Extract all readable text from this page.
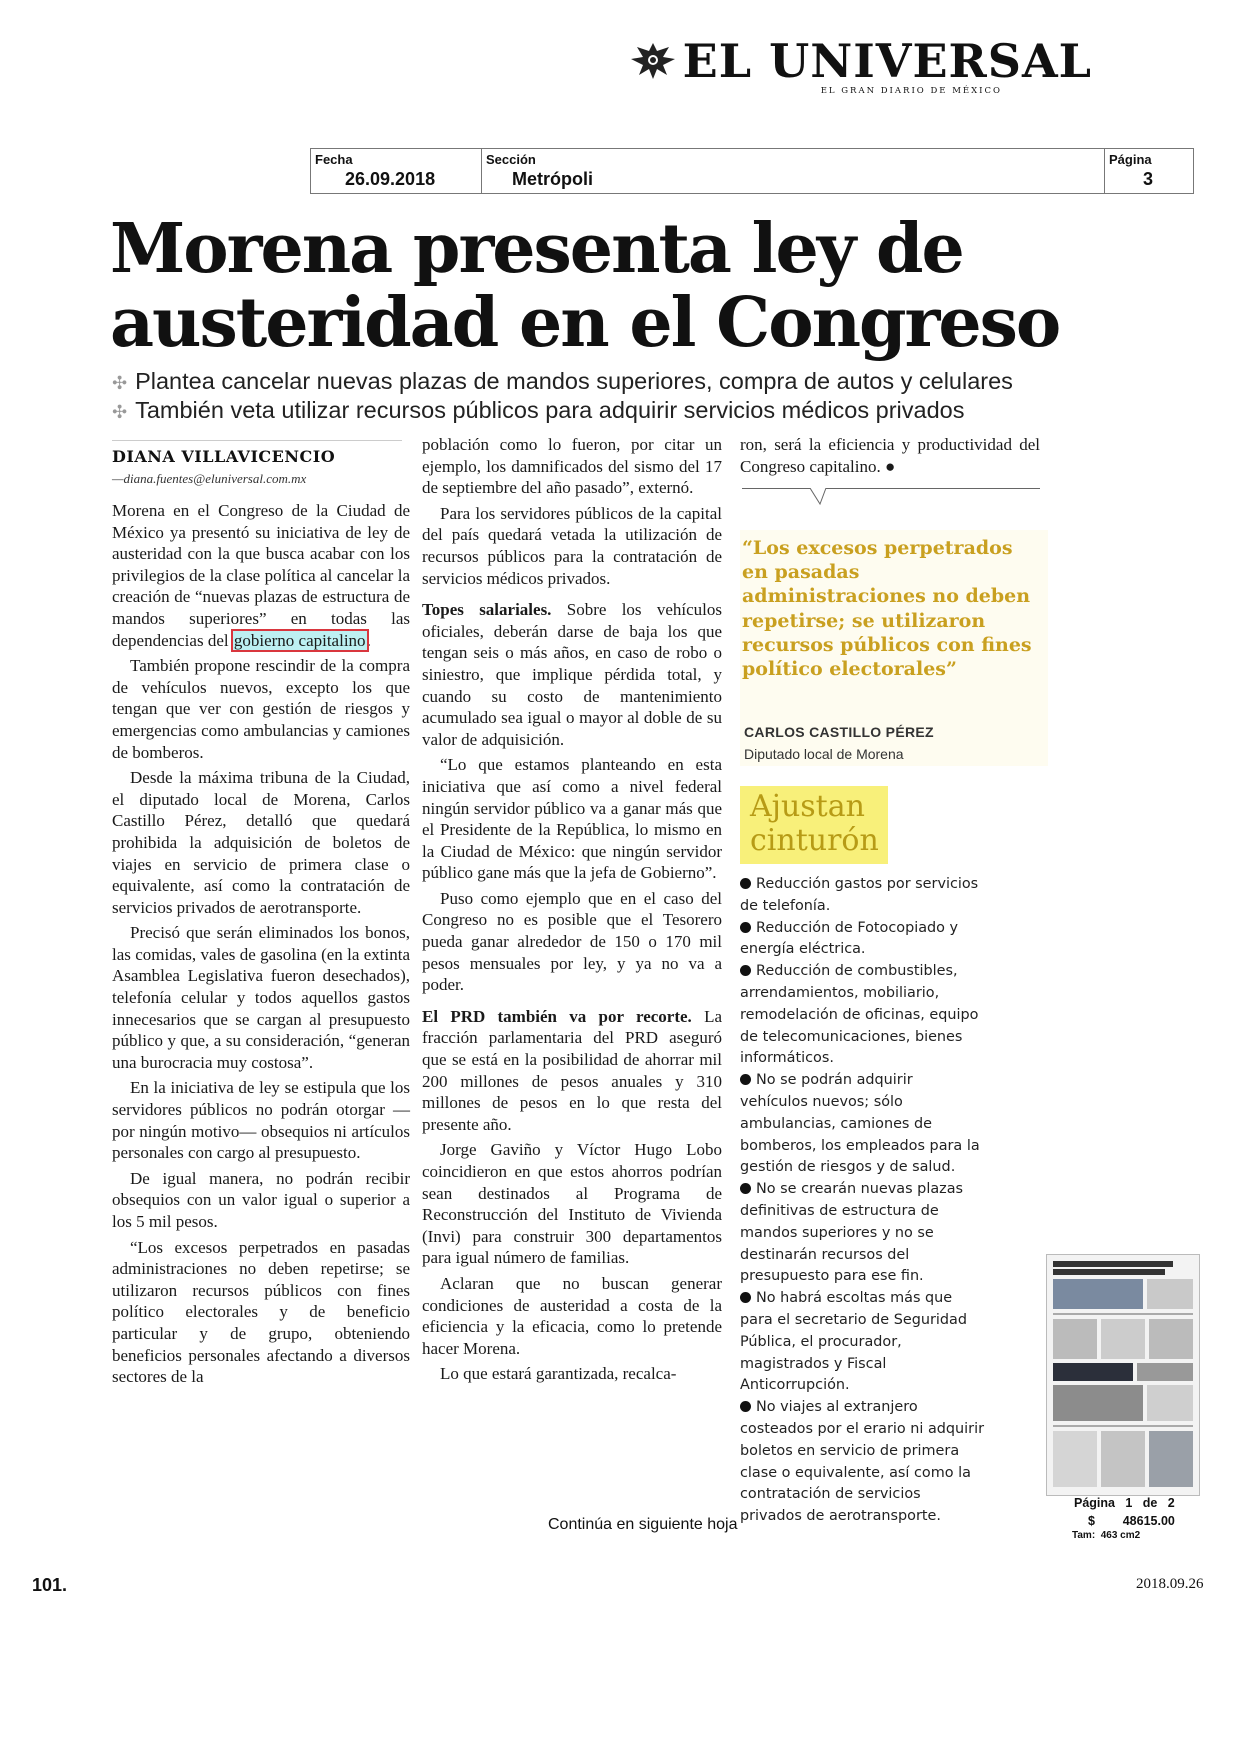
EL UNIVERSAL
EL GRAN DIARIO DE MÉXICO
Fecha
26.09.2018
Sección
Metrópoli
Página
3
Morena presenta ley de
austeridad en el Congreso
✣ Plantea cancelar nuevas plazas de mandos superiores, compra de autos y celulares
✣ También veta utilizar recursos públicos para adquirir servicios médicos privados
DIANA VILLAVICENCIO
—diana.fuentes@eluniversal.com.mx

Morena en el Congreso de la Ciudad de México ya presentó su iniciativa de ley de austeridad con la que busca acabar con los privilegios de la clase política al cancelar la creación de “nuevas plazas de estructura de mandos superiores” en todas las dependencias del gobierno capitalino.

También propone rescindir de la compra de vehículos nuevos, excepto los que tengan que ver con gestión de riesgos y emergencias como ambulancias y camiones de bomberos.

Desde la máxima tribuna de la Ciudad, el diputado local de Morena, Carlos Castillo Pérez, detalló que quedará prohibida la adquisición de boletos de viajes en servicio de primera clase o equivalente, así como la contratación de servicios privados de aerotransporte.

Precisó que serán eliminados los bonos, las comidas, vales de gasolina (en la extinta Asamblea Legislativa fueron desechados), telefonía celular y todos aquellos gastos innecesarios que se cargan al presupuesto público y que, a su consideración, “generan una burocracia muy costosa”.

En la iniciativa de ley se estipula que los servidores públicos no podrán otorgar —por ningún motivo— obsequios ni artículos personales con cargo al presupuesto.

De igual manera, no podrán recibir obsequios con un valor igual o superior a los 5 mil pesos.

“Los excesos perpetrados en pasadas administraciones no deben repetirse; se utilizaron recursos públicos con fines político electorales y de beneficio particular y de grupo, obteniendo beneficios personales afectando a diversos sectores de la

población como lo fueron, por citar un ejemplo, los damnificados del sismo del 17 de septiembre del año pasado”, externó.

Para los servidores públicos de la capital del país quedará vetada la utilización de recursos públicos para la contratación de servicios médicos privados.

Topes salariales. Sobre los vehículos oficiales, deberán darse de baja los que tengan seis o más años, en caso de robo o siniestro, que implique pérdida total, y cuando su costo de mantenimiento acumulado sea igual o mayor al doble de su valor de adquisición.

“Lo que estamos planteando en esta iniciativa que así como a nivel federal ningún servidor público va a ganar más que el Presidente de la República, lo mismo en la Ciudad de México: que ningún servidor público gane más que la jefa de Gobierno”.

Puso como ejemplo que en el caso del Congreso no es posible que el Tesorero pueda ganar alrededor de 150 o 170 mil pesos mensuales por ley, y ya no va a poder.

El PRD también va por recorte. La fracción parlamentaria del PRD aseguró que se está en la posibilidad de ahorrar mil 200 millones de pesos anuales y 310 millones de pesos en lo que resta del presente año.

Jorge Gaviño y Víctor Hugo Lobo coincidieron en que estos ahorros podrían sean destinados al Programa de Reconstrucción del Instituto de Vivienda (Invi) para construir 300 departamentos para igual número de familias.

Aclaran que no buscan generar condiciones de austeridad a costa de la eficiencia y la eficacia, como lo pretende hacer Morena.

Lo que estará garantizada, recalca-

ron, será la eficiencia y productividad del Congreso capitalino. ●

“Los excesos perpetrados en pasadas administraciones no deben repetirse; se utilizaron recursos públicos con fines político electorales”
CARLOS CASTILLO PÉREZ
Diputado local de Morena
Ajustan
cinturón

Reducción gastos por servicios de telefonía.

Reducción de Fotocopiado y energía eléctrica.

Reducción de combustibles, arrendamientos, mobiliario, remodelación de oficinas, equipo de telecomunicaciones, bienes informáticos.

No se podrán adquirir vehículos nuevos; sólo ambulancias, camiones de bomberos, los empleados para la gestión de riesgos y de salud.

No se crearán nuevas plazas definitivas de estructura de mandos superiores y no se destinarán recursos del presupuesto para ese fin.

No habrá escoltas más que para el secretario de Seguridad Pública, el procurador, magistrados y Fiscal Anticorrupción.

No viajes al extranjero costeados por el erario ni adquirir boletos en servicio de primera clase o equivalente, así como la contratación de servicios privados de aerotransporte.

Página   1   de   2
$        48615.00
Tam:  463 cm2
Continúa en siguiente hoja
101.	2018.09.26
